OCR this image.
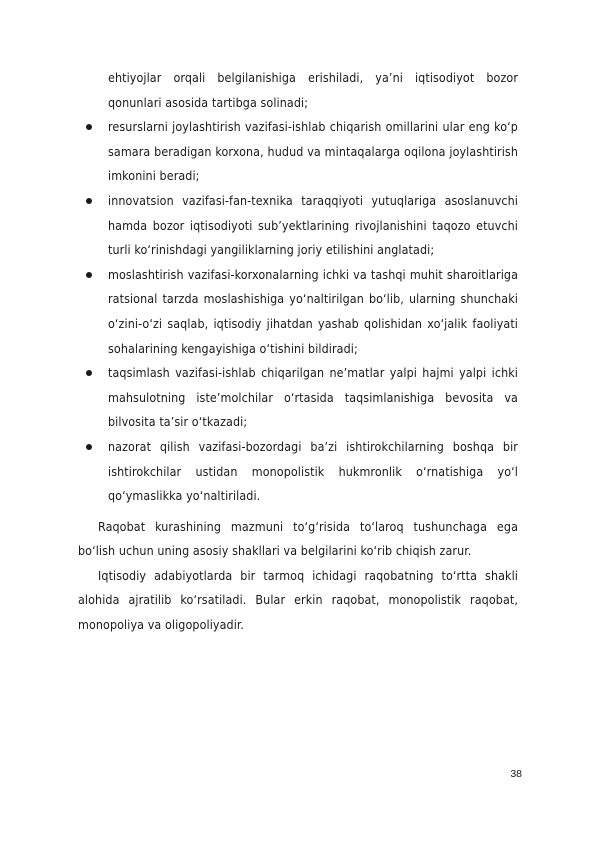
ehtiyojlar orqali belgilanishiga erishiladi, ya’ni iqtisodiyot bozor qonunlari asosida tartibga solinadi;

resurslarni joylashtirish vazifasi-ishlab chiqarish omillarini ular eng ko‘p samara beradigan korxona, hudud va mintaqalarga oqilona joylashtirish imkonini beradi;
innovatsion vazifasi-fan-texnika taraqqiyoti yutuqlariga asoslanuvchi hamda bozor iqtisodiyoti sub’yektlarining rivojlanishini taqozo etuvchi turli ko‘rinishdagi yangiliklarning joriy etilishini anglatadi;
moslashtirish vazifasi-korxonalarning ichki va tashqi muhit sharoitlariga ratsional tarzda moslashishiga yo‘naltirilgan bo‘lib, ularning shunchaki o‘zini-o‘zi saqlab, iqtisodiy jihatdan yashab qolishidan xo‘jalik faoliyati sohalarining kengayishiga o‘tishini bildiradi;
taqsimlash vazifasi-ishlab chiqarilgan ne’matlar yalpi hajmi yalpi ichki mahsulotning iste’molchilar o‘rtasida taqsimlanishiga bevosita va bilvosita ta’sir o‘tkazadi;
nazorat qilish vazifasi-bozordagi ba’zi ishtirokchilarning boshqa bir ishtirokchilar ustidan monopolistik hukmronlik o‘rnatishiga yo‘l qo‘ymaslikka yo‘naltiriladi.

Raqobat kurashining mazmuni to‘g‘risida to‘laroq tushunchaga ega bo‘lish uchun uning asosiy shakllari va belgilarini ko‘rib chiqish zarur.

Iqtisodiy adabiyotlarda bir tarmoq ichidagi raqobatning to‘rtta shakli alohida ajratilib ko‘rsatiladi. Bular erkin raqobat, monopolistik raqobat, monopoliya va oligopoliyadir.

38
